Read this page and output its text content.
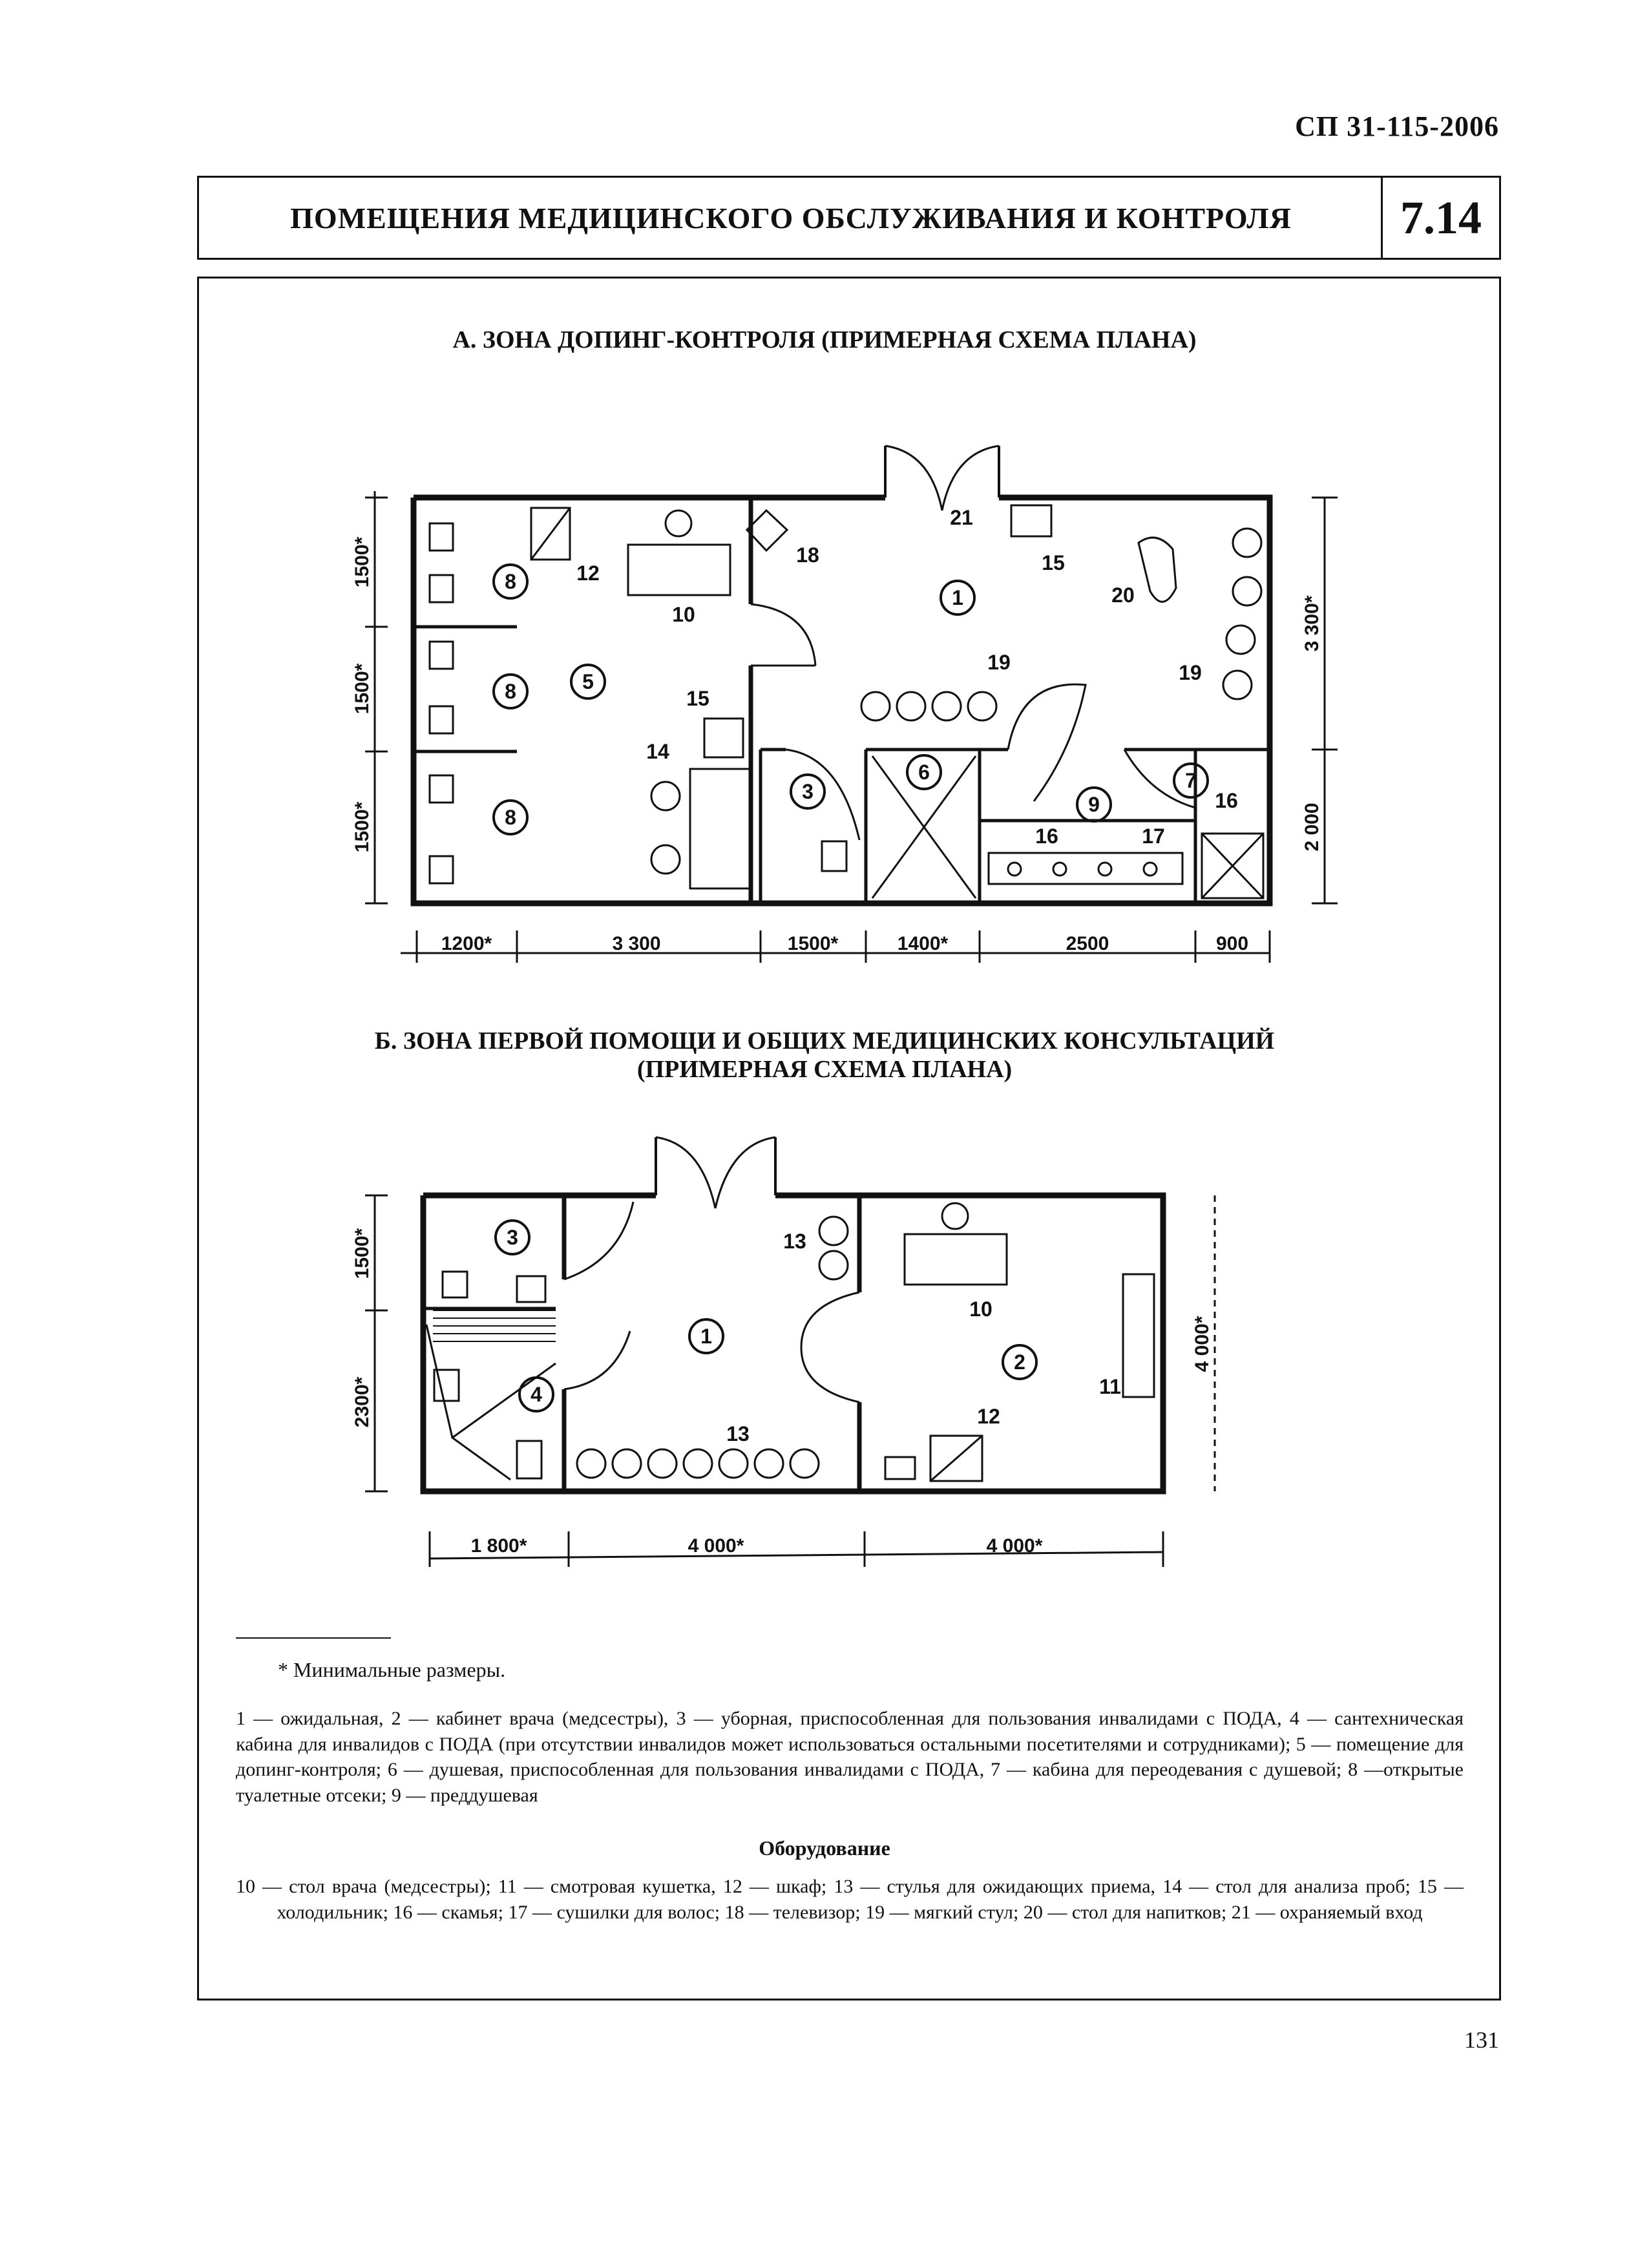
СП 31-115-2006
ПОМЕЩЕНИЯ МЕДИЦИНСКОГО ОБСЛУЖИВАНИЯ И КОНТРОЛЯ	7.14
А. ЗОНА ДОПИНГ-КОНТРОЛЯ (ПРИМЕРНАЯ СХЕМА ПЛАНА)
8
8
8
5
1
3
6
9
7
12
10
18
21
15
20
19	19
15
14
16	17
16
1200*	3 300	1500*	1400*	2500	900
1500*
1500*
1500*
3 300*
2 000
Б. ЗОНА ПЕРВОЙ ПОМОЩИ И ОБЩИХ МЕДИЦИНСКИХ КОНСУЛЬТАЦИЙ
(ПРИМЕРНАЯ СХЕМА ПЛАНА)
3
4
1
2
13
10
11
12
13
1 800*	4 000*	4 000*
1500*
2300*
4 000*
* Минимальные размеры.
1 — ожидальная, 2 — кабинет врача (медсестры), 3 — уборная, приспособленная для пользования инвалидами с ПОДА, 4 — сантехническая кабина для инвалидов с ПОДА (при отсутствии инвалидов может использоваться остальными посетителями и сотрудниками); 5 — помещение для допинг-контроля; 6 — душевая, приспособленная для пользования инвалидами с ПОДА, 7 — кабина для переодевания с душевой; 8 —открытые туалетные отсеки; 9 — преддушевая
Оборудование
10 — стол врача (медсестры); 11 — смотровая кушетка, 12 — шкаф; 13 — стулья для ожидающих приема, 14 — стол для анализа проб; 15 — холодильник; 16 — скамья; 17 — сушилки для волос; 18 — телевизор; 19 — мягкий стул; 20 — стол для напитков; 21 — охраняемый вход
131
